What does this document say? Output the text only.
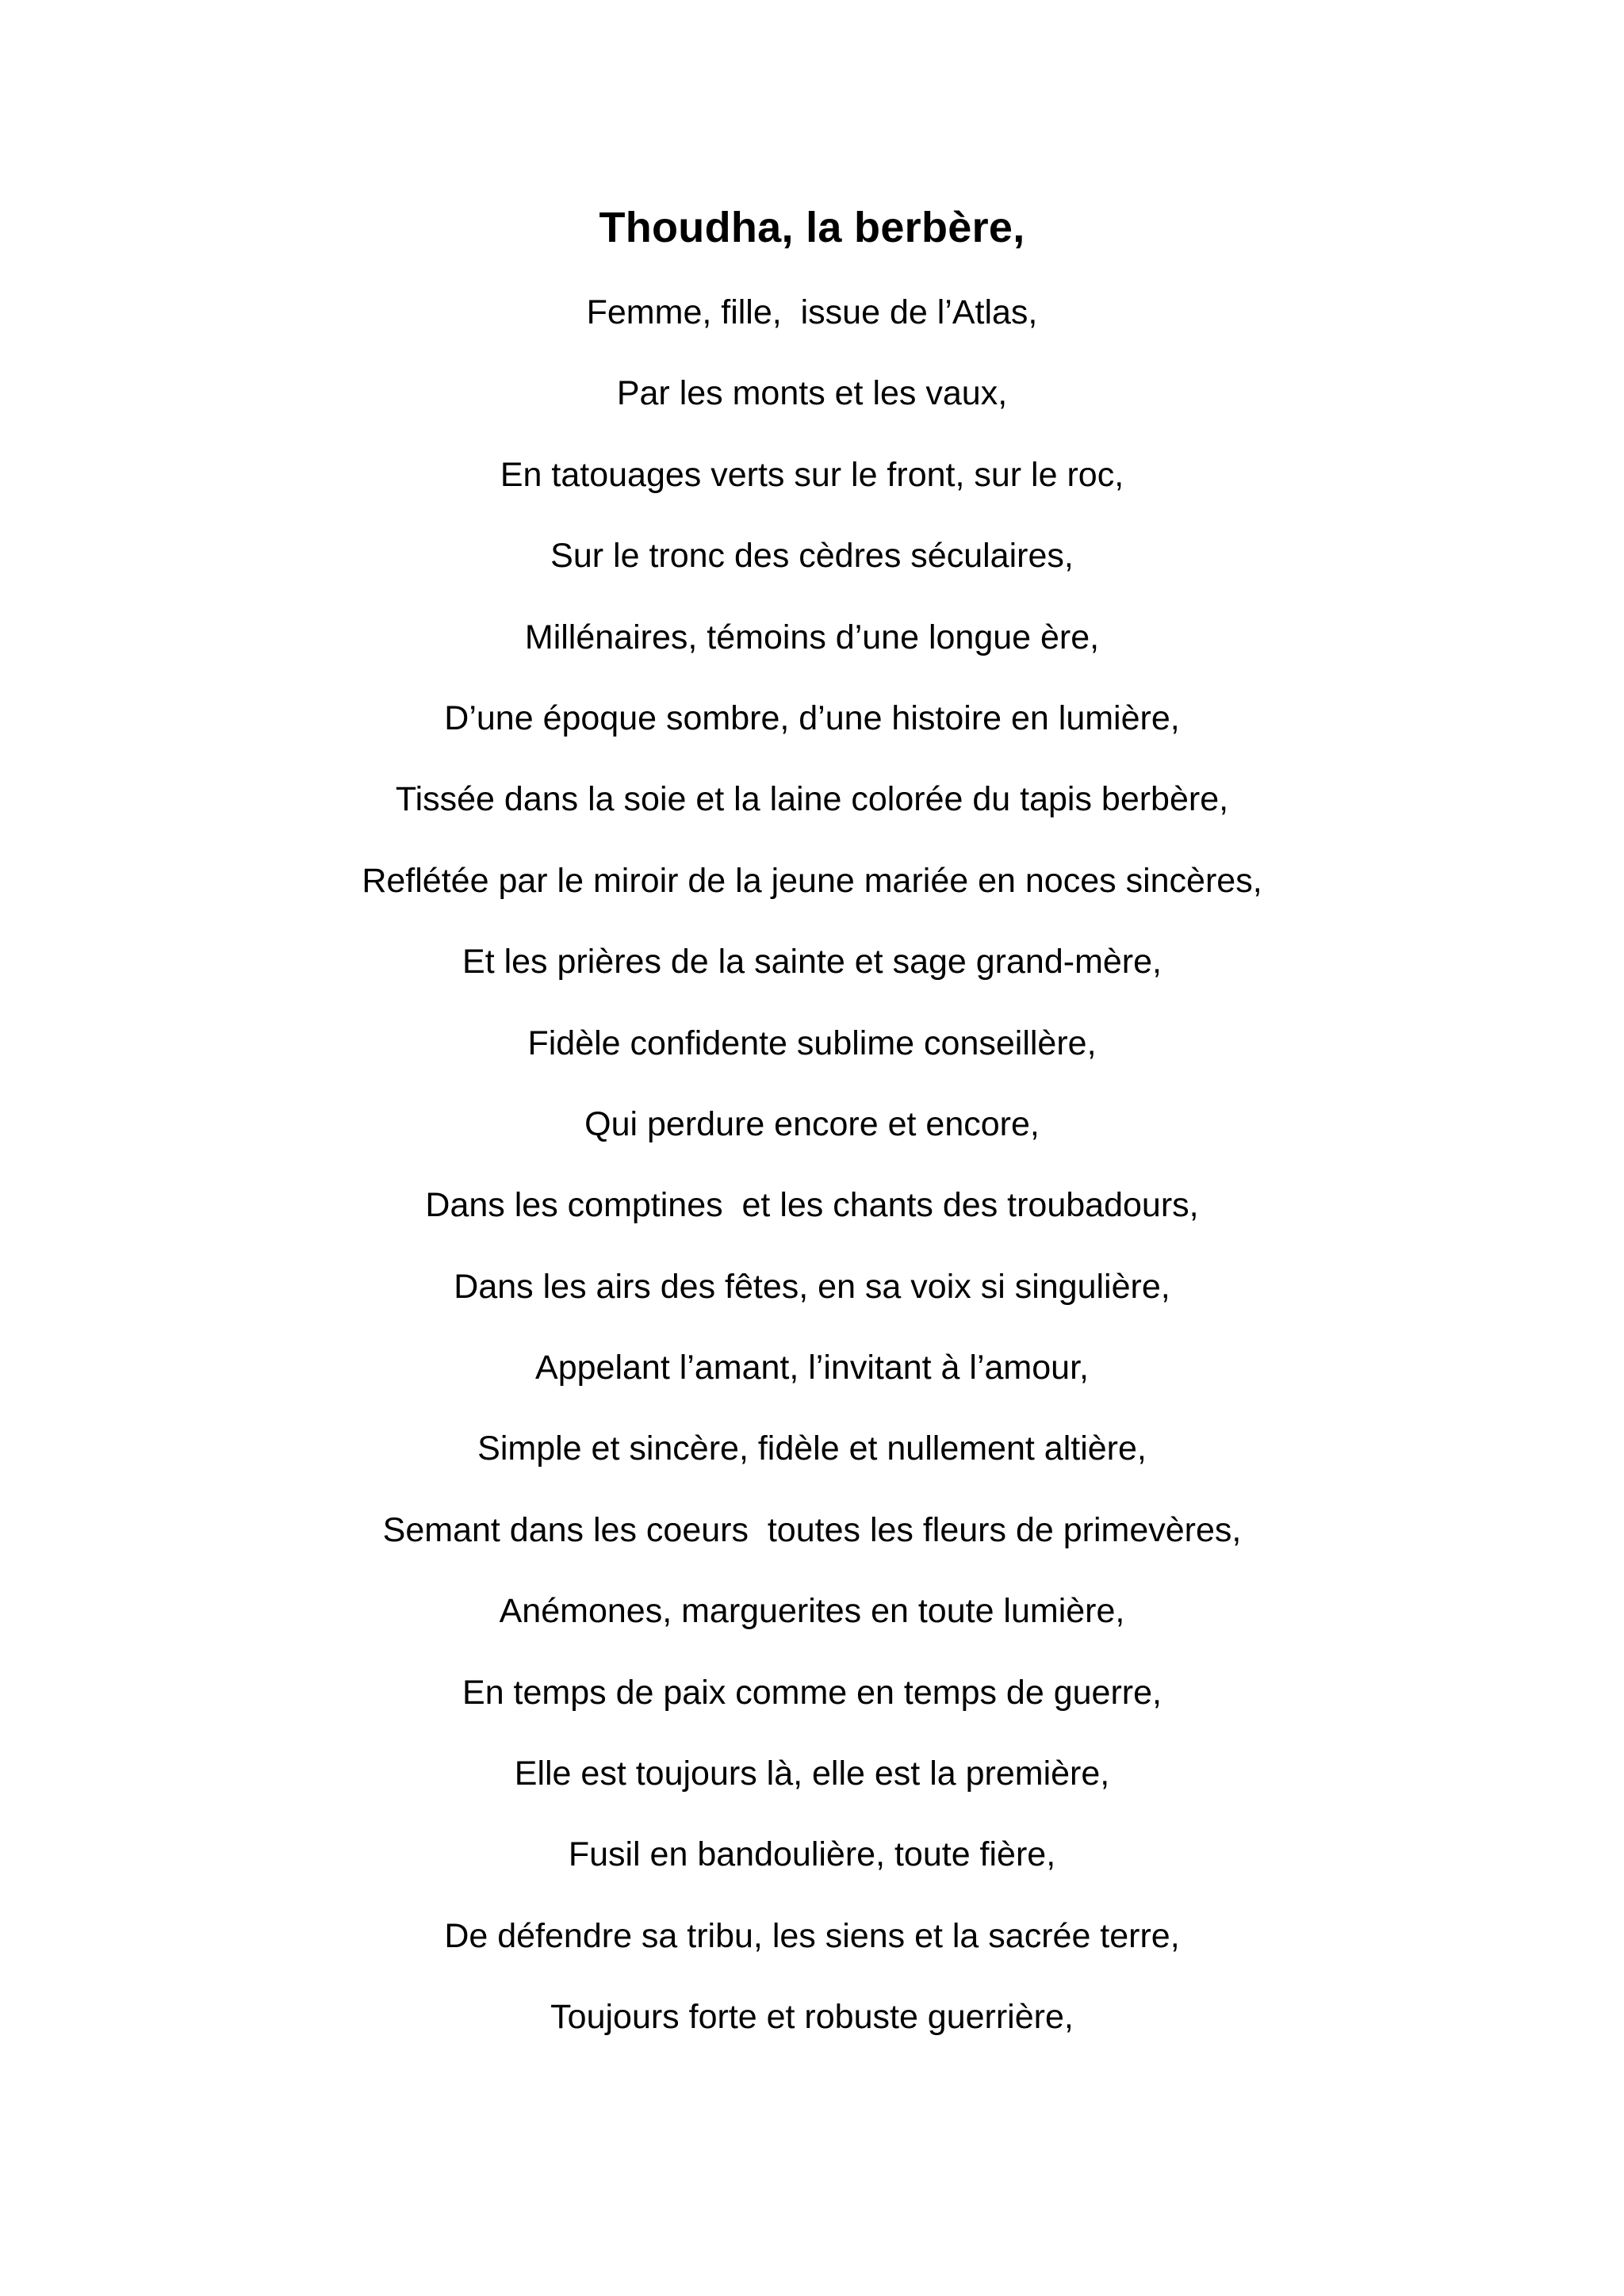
Thoudha, la berbère,
Femme, fille,  issue de l’Atlas,
Par les monts et les vaux,
En tatouages verts sur le front, sur le roc,
Sur le tronc des cèdres séculaires,
Millénaires, témoins d’une longue ère,
D’une époque sombre, d’une histoire en lumière,
Tissée dans la soie et la laine colorée du tapis berbère,
Reflétée par le miroir de la jeune mariée en noces sincères,
Et les prières de la sainte et sage grand-mère,
Fidèle confidente sublime conseillère,
Qui perdure encore et encore,
Dans les comptines  et les chants des troubadours,
Dans les airs des fêtes, en sa voix si singulière,
Appelant l’amant, l’invitant à l’amour,
Simple et sincère, fidèle et nullement altière,
Semant dans les coeurs  toutes les fleurs de primevères,
Anémones, marguerites en toute lumière,
En temps de paix comme en temps de guerre,
Elle est toujours là, elle est la première,
Fusil en bandoulière, toute fière,
De défendre sa tribu, les siens et la sacrée terre,
Toujours forte et robuste guerrière,
